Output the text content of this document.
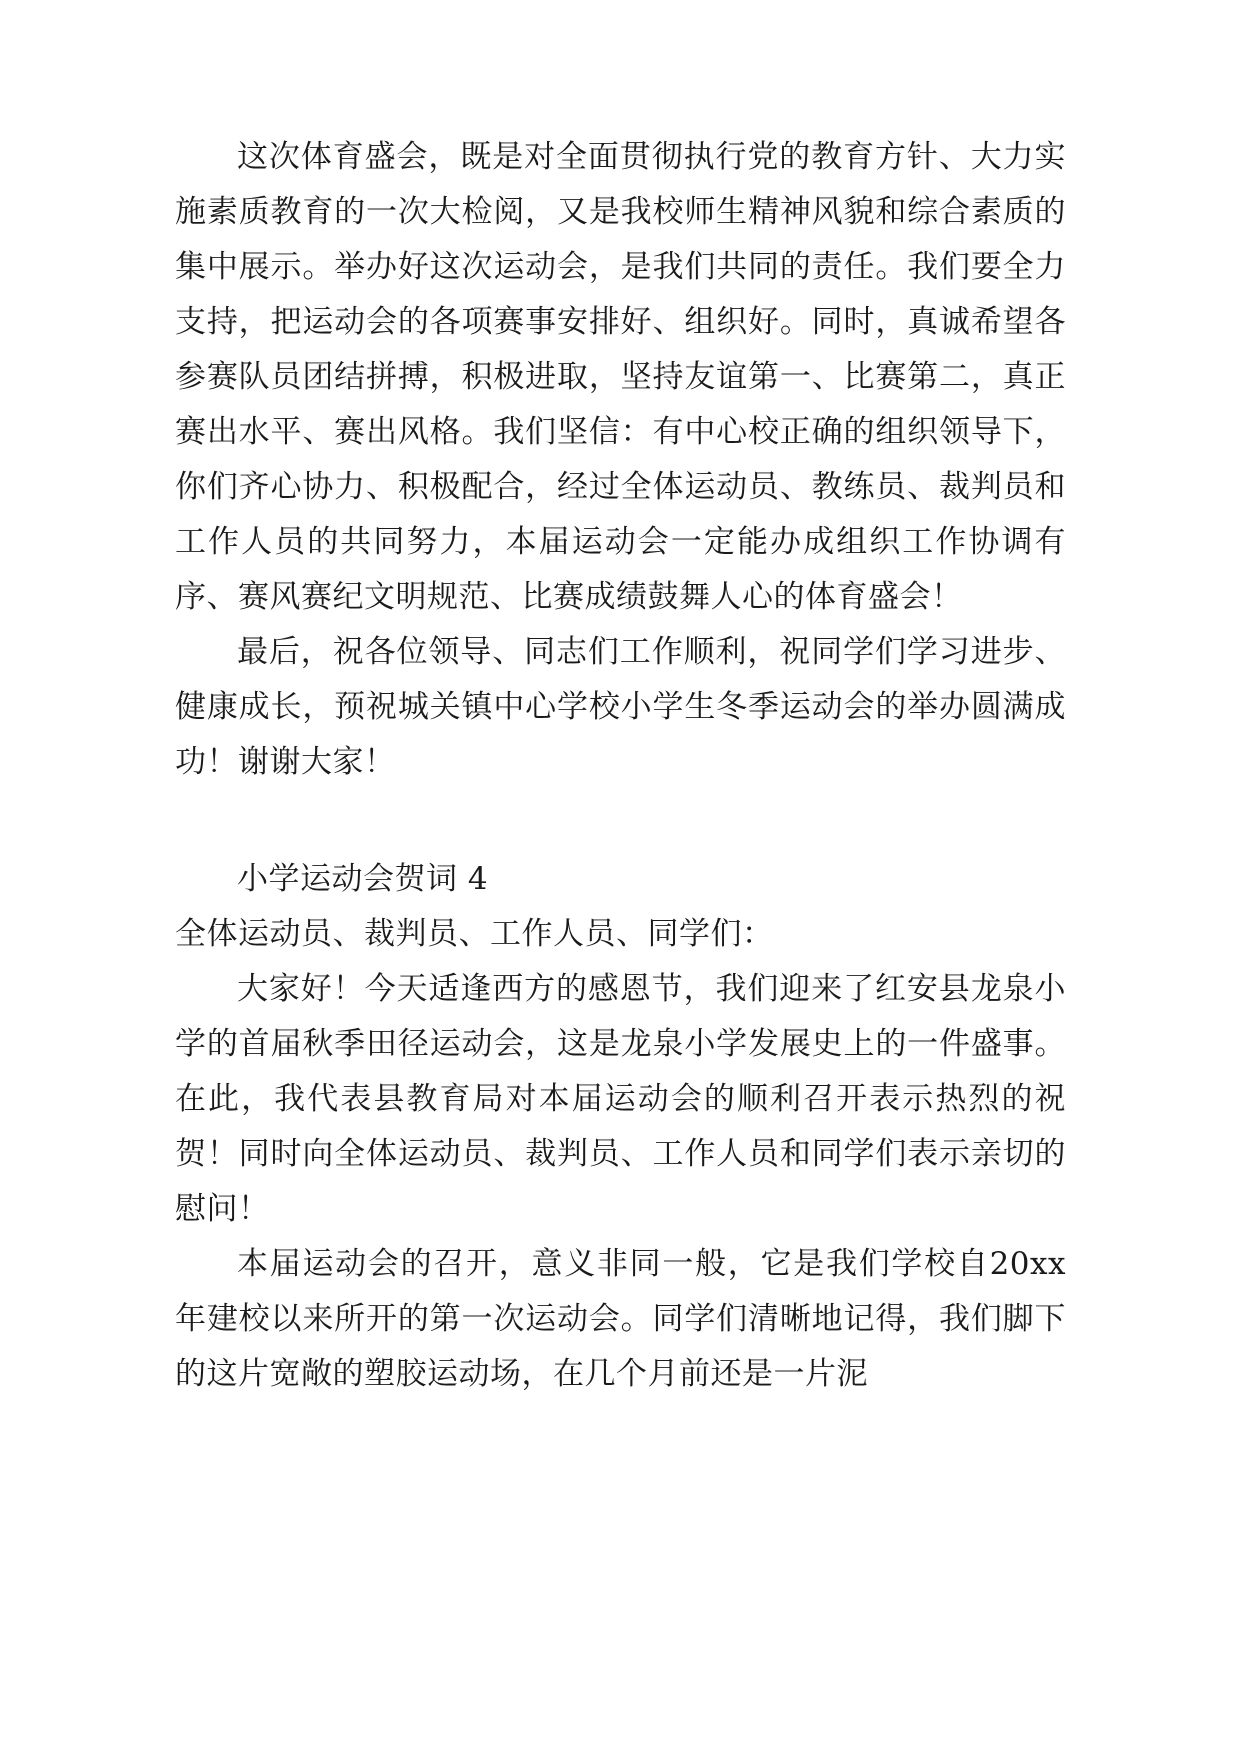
这次体育盛会，既是对全面贯彻执行党的教育方针、大力实施素质教育的一次大检阅，又是我校师生精神风貌和综合素质的集中展示。举办好这次运动会，是我们共同的责任。我们要全力支持，把运动会的各项赛事安排好、组织好。同时，真诚希望各参赛队员团结拼搏，积极进取，坚持友谊第一、比赛第二，真正赛出水平、赛出风格。我们坚信：有中心校正确的组织领导下，你们齐心协力、积极配合，经过全体运动员、教练员、裁判员和工作人员的共同努力，本届运动会一定能办成组织工作协调有序、赛风赛纪文明规范、比赛成绩鼓舞人心的体育盛会！

最后，祝各位领导、同志们工作顺利，祝同学们学习进步、健康成长，预祝城关镇中心学校小学生冬季运动会的举办圆满成功！谢谢大家！

小学运动会贺词 4

全体运动员、裁判员、工作人员、同学们：

大家好！今天适逢西方的感恩节，我们迎来了红安县龙泉小学的首届秋季田径运动会，这是龙泉小学发展史上的一件盛事。在此，我代表县教育局对本届运动会的顺利召开表示热烈的祝贺！同时向全体运动员、裁判员、工作人员和同学们表示亲切的慰问！

本届运动会的召开，意义非同一般，它是我们学校自20xx年建校以来所开的第一次运动会。同学们清晰地记得，我们脚下的这片宽敞的塑胶运动场，在几个月前还是一片泥
